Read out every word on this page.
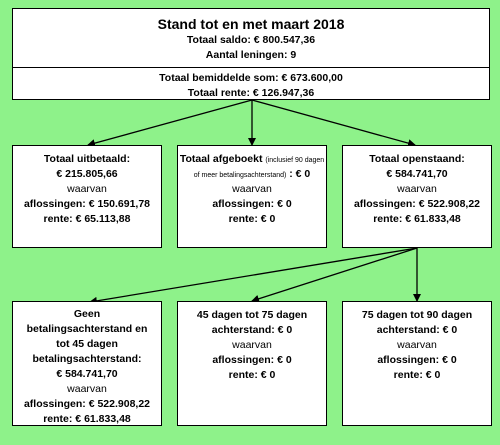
Stand tot en met maart 2018
Totaal saldo: € 800.547,36
Aantal leningen: 9
Totaal bemiddelde som: € 673.600,00
Totaal rente: € 126.947,36
Totaal uitbetaald:
€ 215.805,66
waarvan
aflossingen: € 150.691,78
rente: € 65.113,88
Totaal afgeboekt (inclusief 90 dagen of meer betalingsachterstand) : € 0
waarvan
aflossingen: € 0
rente: € 0
Totaal openstaand:
€ 584.741,70
waarvan
aflossingen: € 522.908,22
rente: € 61.833,48
Geen
betalingsachterstand en
tot 45 dagen
betalingsachterstand:
€ 584.741,70
waarvan
aflossingen: € 522.908,22
rente: € 61.833,48
45 dagen tot 75 dagen
achterstand: € 0
waarvan
aflossingen: € 0
rente: € 0
75 dagen tot 90 dagen
achterstand: € 0
waarvan
aflossingen: € 0
rente: € 0
